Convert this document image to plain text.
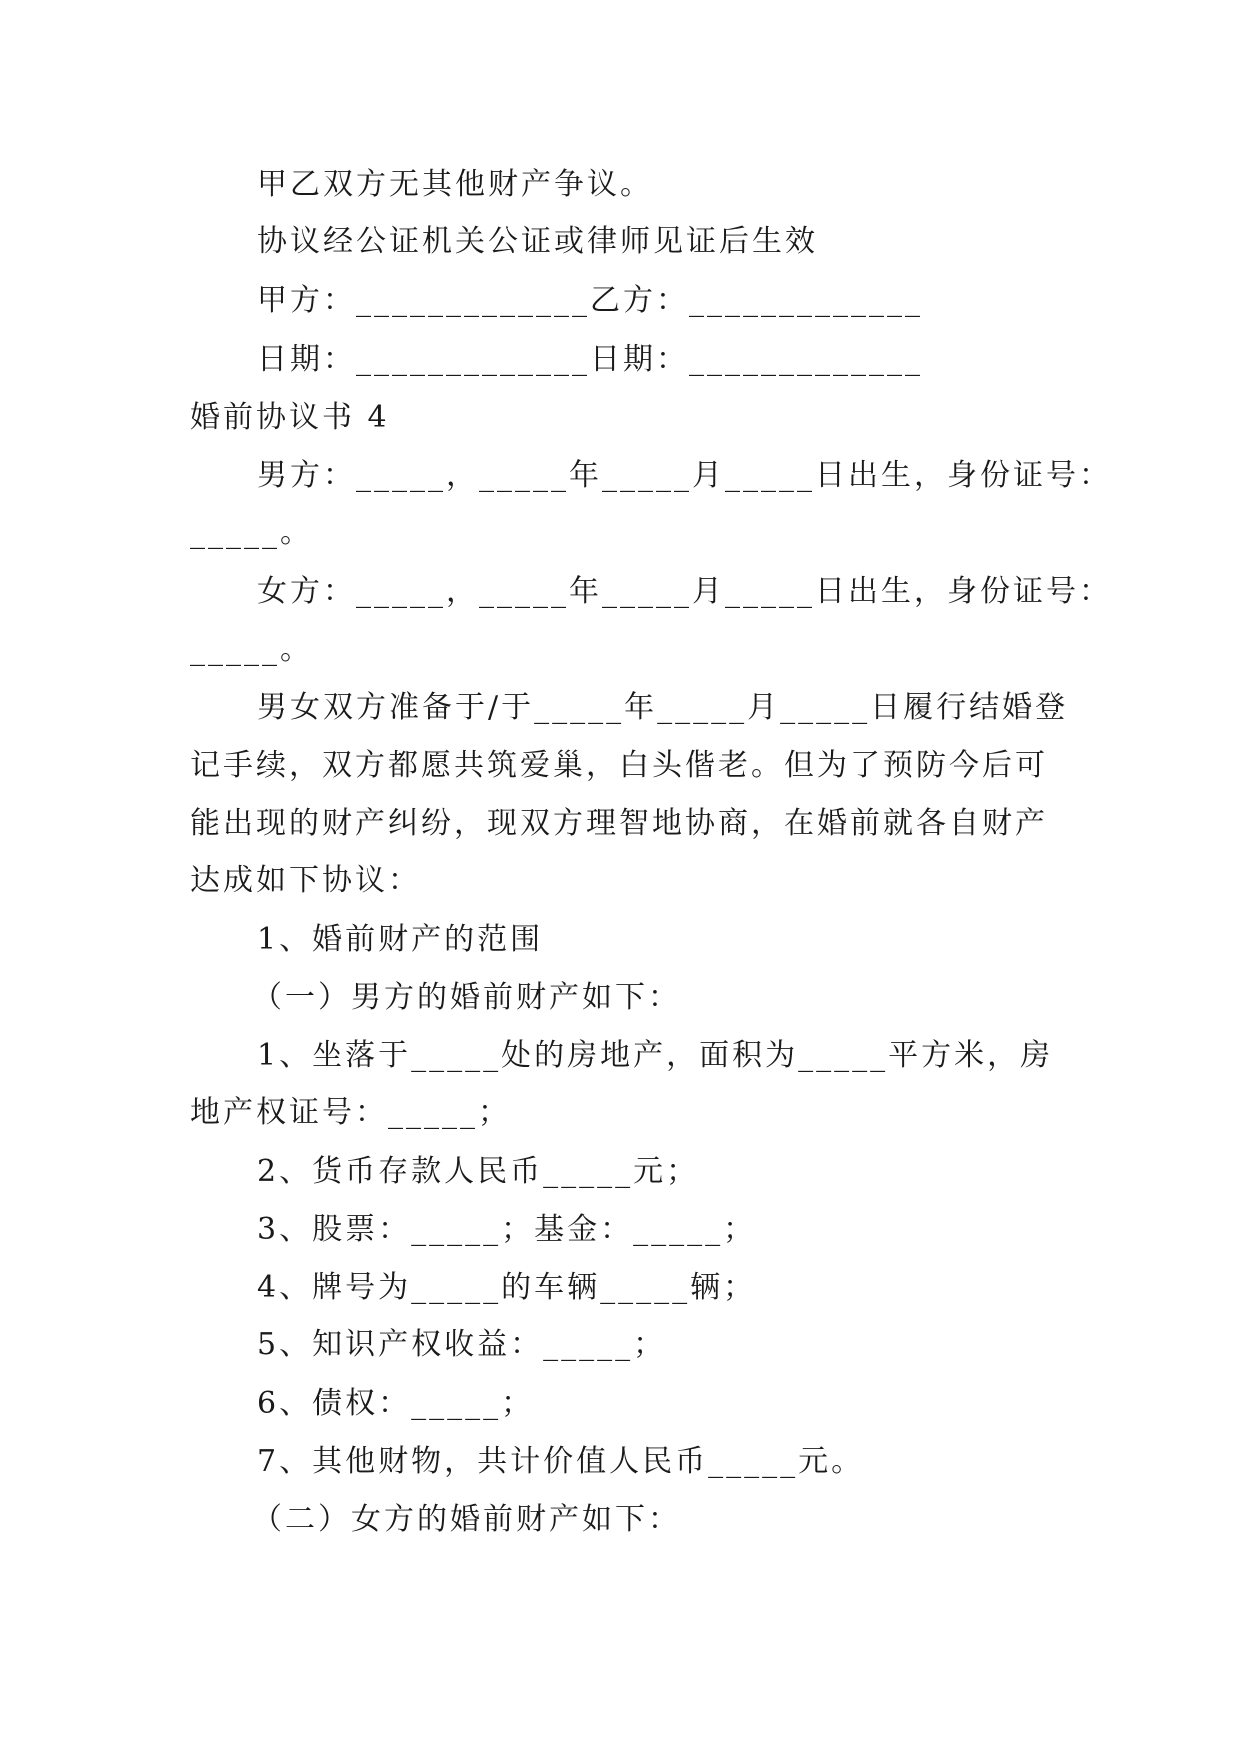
甲乙双方无其他财产争议。
协议经公证机关公证或律师见证后生效
甲方：_____________乙方：_____________
日期：_____________日期：_____________
婚前协议书 4
男方：_____，_____年_____月_____日出生，身份证号：
_____。
女方：_____，_____年_____月_____日出生，身份证号：
_____。
男女双方准备于/于_____年_____月_____日履行结婚登
记手续，双方都愿共筑爱巢，白头偕老。但为了预防今后可
能出现的财产纠纷，现双方理智地协商，在婚前就各自财产
达成如下协议：
1、婚前财产的范围
（一）男方的婚前财产如下：
1、坐落于_____处的房地产，面积为_____平方米，房
地产权证号：_____；
2、货币存款人民币_____元；
3、股票：_____；基金：_____；
4、牌号为_____的车辆_____辆；
5、知识产权收益：_____；
6、债权：_____；
7、其他财物，共计价值人民币_____元。
（二）女方的婚前财产如下：
